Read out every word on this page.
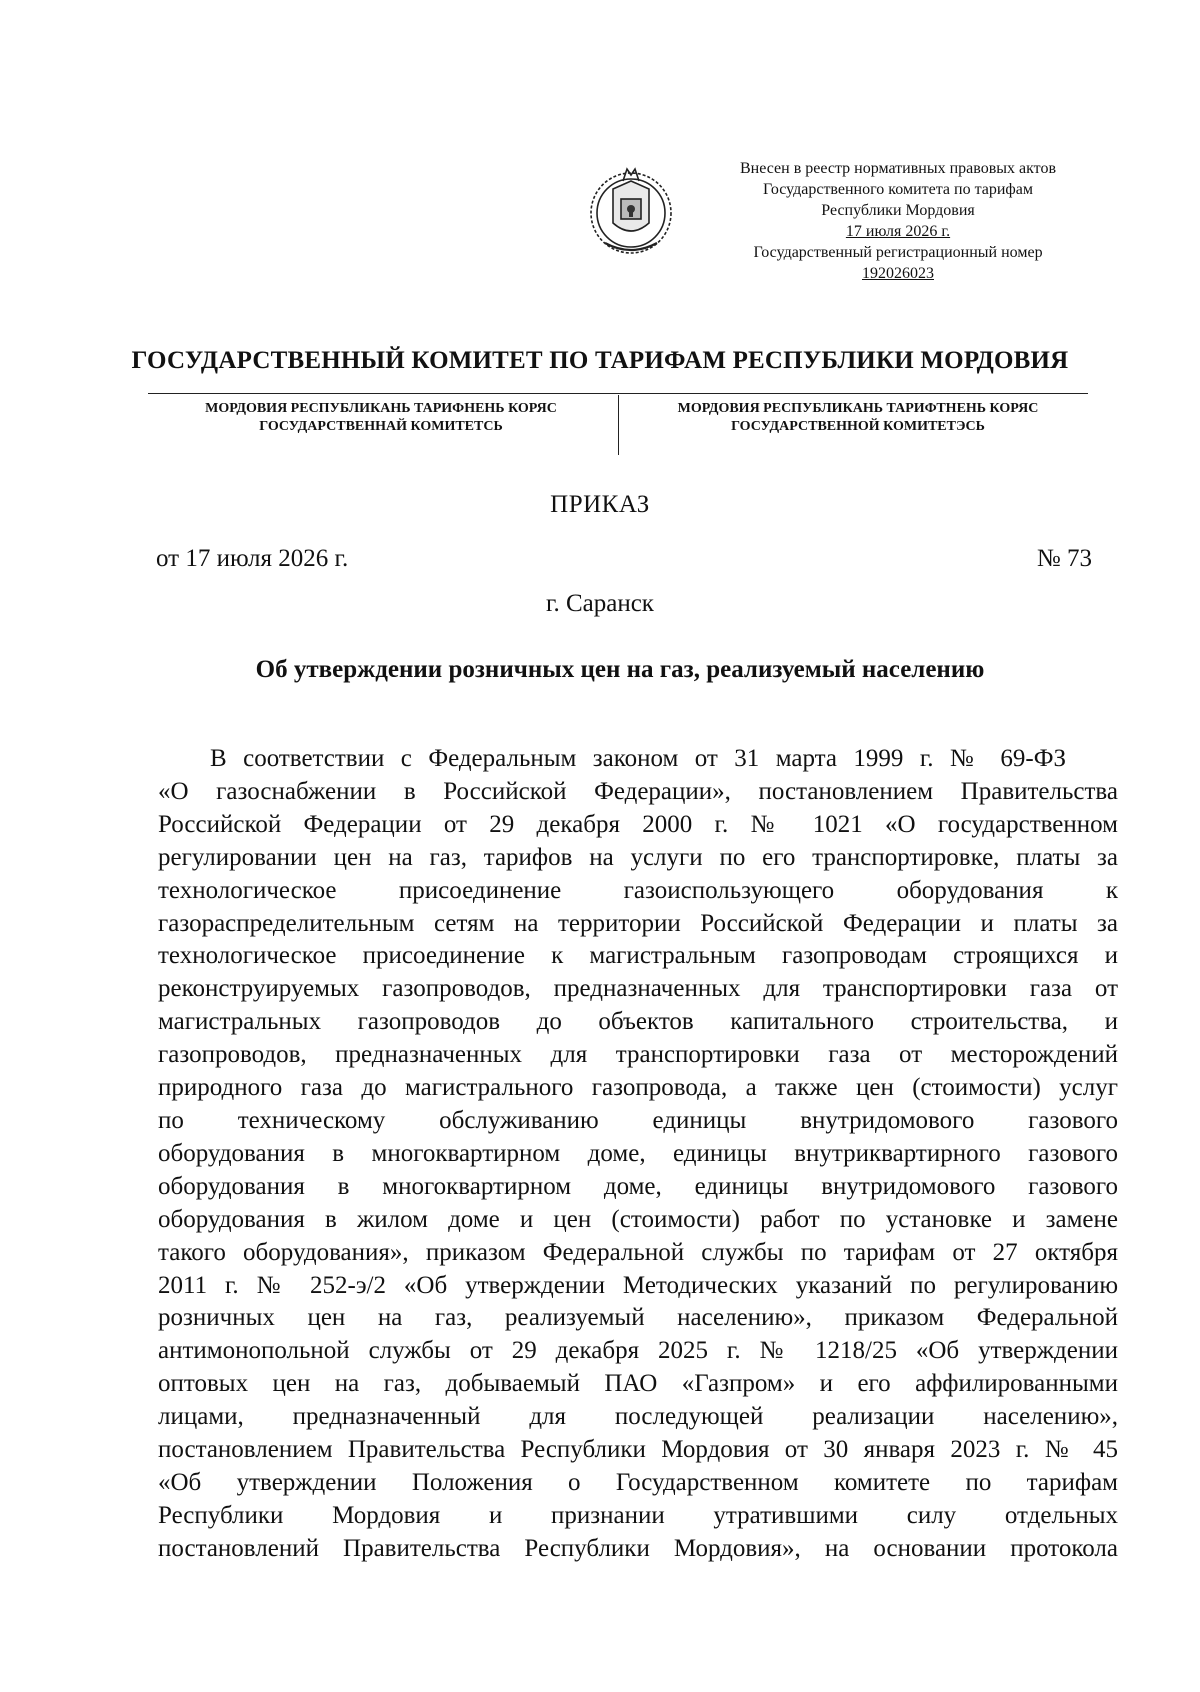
Внесен в реестр нормативных правовых актов
Государственного комитета по тарифам
Республики Мордовия
17 июля 2026 г.
Государственный регистрационный номер
192026023
ГОСУДАРСТВЕННЫЙ КОМИТЕТ ПО ТАРИФАМ РЕСПУБЛИКИ МОРДОВИЯ
МОРДОВИЯ РЕСПУБЛИКАНЬ ТАРИФНЕНЬ КОРЯС
ГОСУДАРСТВЕННАЙ КОМИТЕТСЬ
МОРДОВИЯ РЕСПУБЛИКАНЬ ТАРИФТНЕНЬ КОРЯС
ГОСУДАРСТВЕННОЙ КОМИТЕТЭСЬ
ПРИКАЗ
от 17 июля 2026 г.	№ 73
г. Саранск
Об утверждении розничных цен на газ, реализуемый населению
В соответствии с Федеральным законом от 31 марта 1999 г. № 69-ФЗ
«О газоснабжении в Российской Федерации», постановлением Правительства
Российской Федерации от 29 декабря 2000 г. № 1021 «О государственном
регулировании цен на газ, тарифов на услуги по его транспортировке, платы за
технологическое присоединение газоиспользующего оборудования к
газораспределительным сетям на территории Российской Федерации и платы за
технологическое присоединение к магистральным газопроводам строящихся и
реконструируемых газопроводов, предназначенных для транспортировки газа от
магистральных газопроводов до объектов капитального строительства, и
газопроводов, предназначенных для транспортировки газа от месторождений
природного газа до магистрального газопровода, а также цен (стоимости) услуг
по техническому обслуживанию единицы внутридомового газового
оборудования в многоквартирном доме, единицы внутриквартирного газового
оборудования в многоквартирном доме, единицы внутридомового газового
оборудования в жилом доме и цен (стоимости) работ по установке и замене
такого оборудования», приказом Федеральной службы по тарифам от 27 октября
2011 г. № 252-э/2 «Об утверждении Методических указаний по регулированию
розничных цен на газ, реализуемый населению», приказом Федеральной
антимонопольной службы от 29 декабря 2025 г. № 1218/25 «Об утверждении
оптовых цен на газ, добываемый ПАО «Газпром» и его аффилированными
лицами, предназначенный для последующей реализации населению»,
постановлением Правительства Республики Мордовия от 30 января 2023 г. № 45
«Об утверждении Положения о Государственном комитете по тарифам
Республики Мордовия и признании утратившими силу отдельных
постановлений Правительства Республики Мордовия», на основании протокола
